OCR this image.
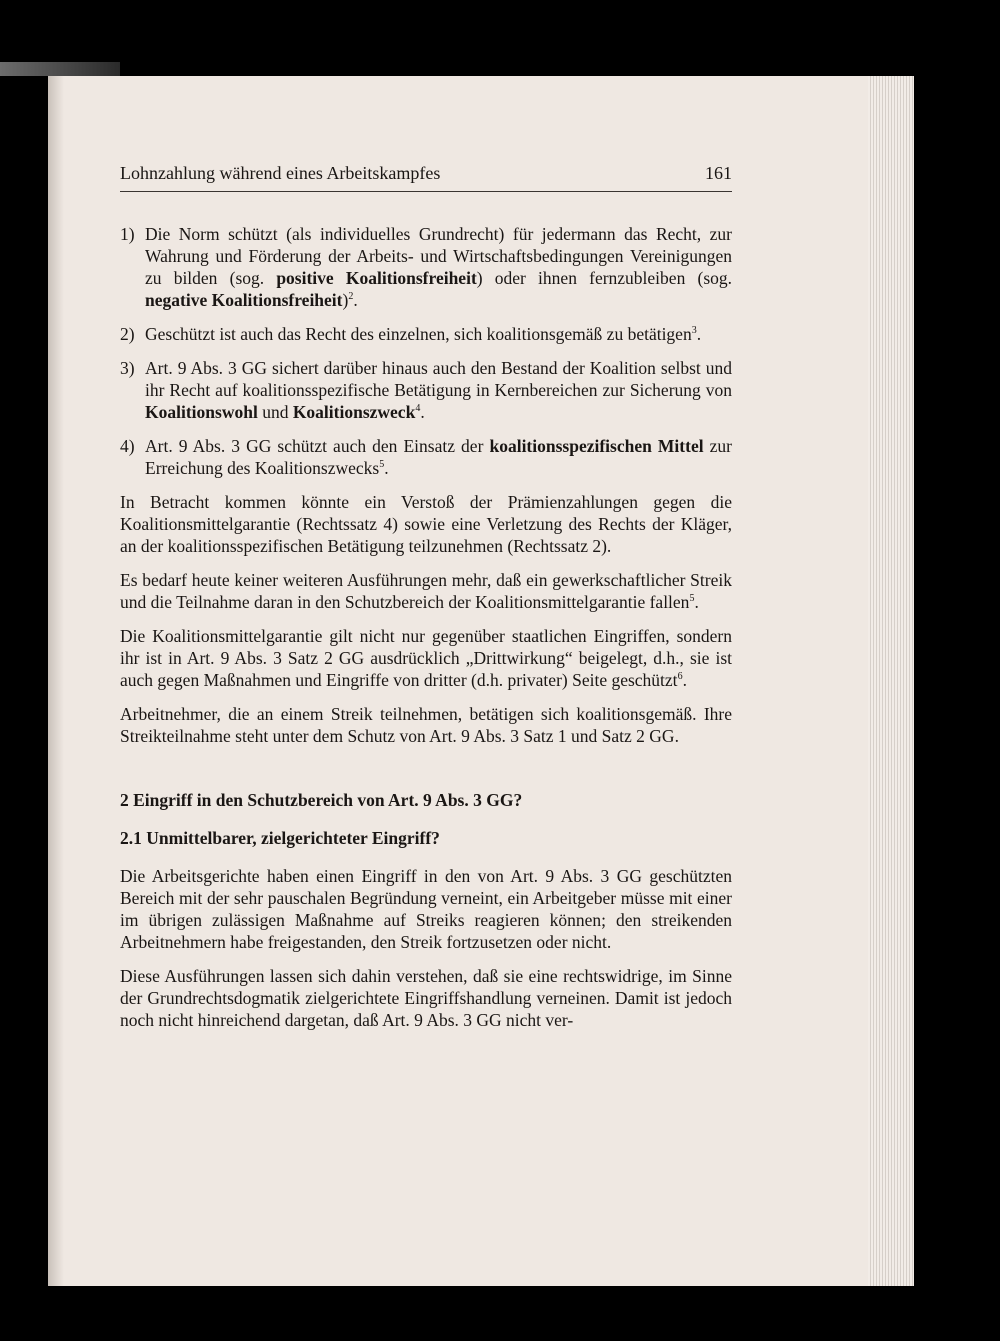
Lohnzahlung während eines Arbeitskampfes	161
1) Die Norm schützt (als individuelles Grundrecht) für jedermann das Recht, zur Wahrung und Förderung der Arbeits- und Wirtschaftsbedingungen Vereinigungen zu bilden (sog. positive Koalitionsfreiheit) oder ihnen fernzubleiben (sog. negative Koalitionsfreiheit)$^2$.
2) Geschützt ist auch das Recht des einzelnen, sich koalitionsgemäß zu betätigen$^3$.
3) Art. 9 Abs. 3 GG sichert darüber hinaus auch den Bestand der Koalition selbst und ihr Recht auf koalitionsspezifische Betätigung in Kernbereichen zur Sicherung von Koalitionswohl und Koalitionszweck$^4$.
4) Art. 9 Abs. 3 GG schützt auch den Einsatz der koalitionsspezifischen Mittel zur Erreichung des Koalitionszwecks$^5$.

In Betracht kommen könnte ein Verstoß der Prämienzahlungen gegen die Koalitionsmittelgarantie (Rechtssatz 4) sowie eine Verletzung des Rechts der Kläger, an der koalitionsspezifischen Betätigung teilzunehmen (Rechtssatz 2).

Es bedarf heute keiner weiteren Ausführungen mehr, daß ein gewerkschaftlicher Streik und die Teilnahme daran in den Schutzbereich der Koalitionsmittelgarantie fallen$^5$.

Die Koalitionsmittelgarantie gilt nicht nur gegenüber staatlichen Eingriffen, sondern ihr ist in Art. 9 Abs. 3 Satz 2 GG ausdrücklich „Drittwirkung“ beigelegt, d.h., sie ist auch gegen Maßnahmen und Eingriffe von dritter (d.h. privater) Seite geschützt$^6$.

Arbeitnehmer, die an einem Streik teilnehmen, betätigen sich koalitionsgemäß. Ihre Streikteilnahme steht unter dem Schutz von Art. 9 Abs. 3 Satz 1 und Satz 2 GG.

2 Eingriff in den Schutzbereich von Art. 9 Abs. 3 GG?

2.1 Unmittelbarer, zielgerichteter Eingriff?

Die Arbeitsgerichte haben einen Eingriff in den von Art. 9 Abs. 3 GG geschützten Bereich mit der sehr pauschalen Begründung verneint, ein Arbeitgeber müsse mit einer im übrigen zulässigen Maßnahme auf Streiks reagieren können; den streikenden Arbeitnehmern habe freigestanden, den Streik fortzusetzen oder nicht.

Diese Ausführungen lassen sich dahin verstehen, daß sie eine rechtswidrige, im Sinne der Grundrechtsdogmatik zielgerichtete Eingriffshandlung verneinen. Damit ist jedoch noch nicht hinreichend dargetan, daß Art. 9 Abs. 3 GG nicht ver-
